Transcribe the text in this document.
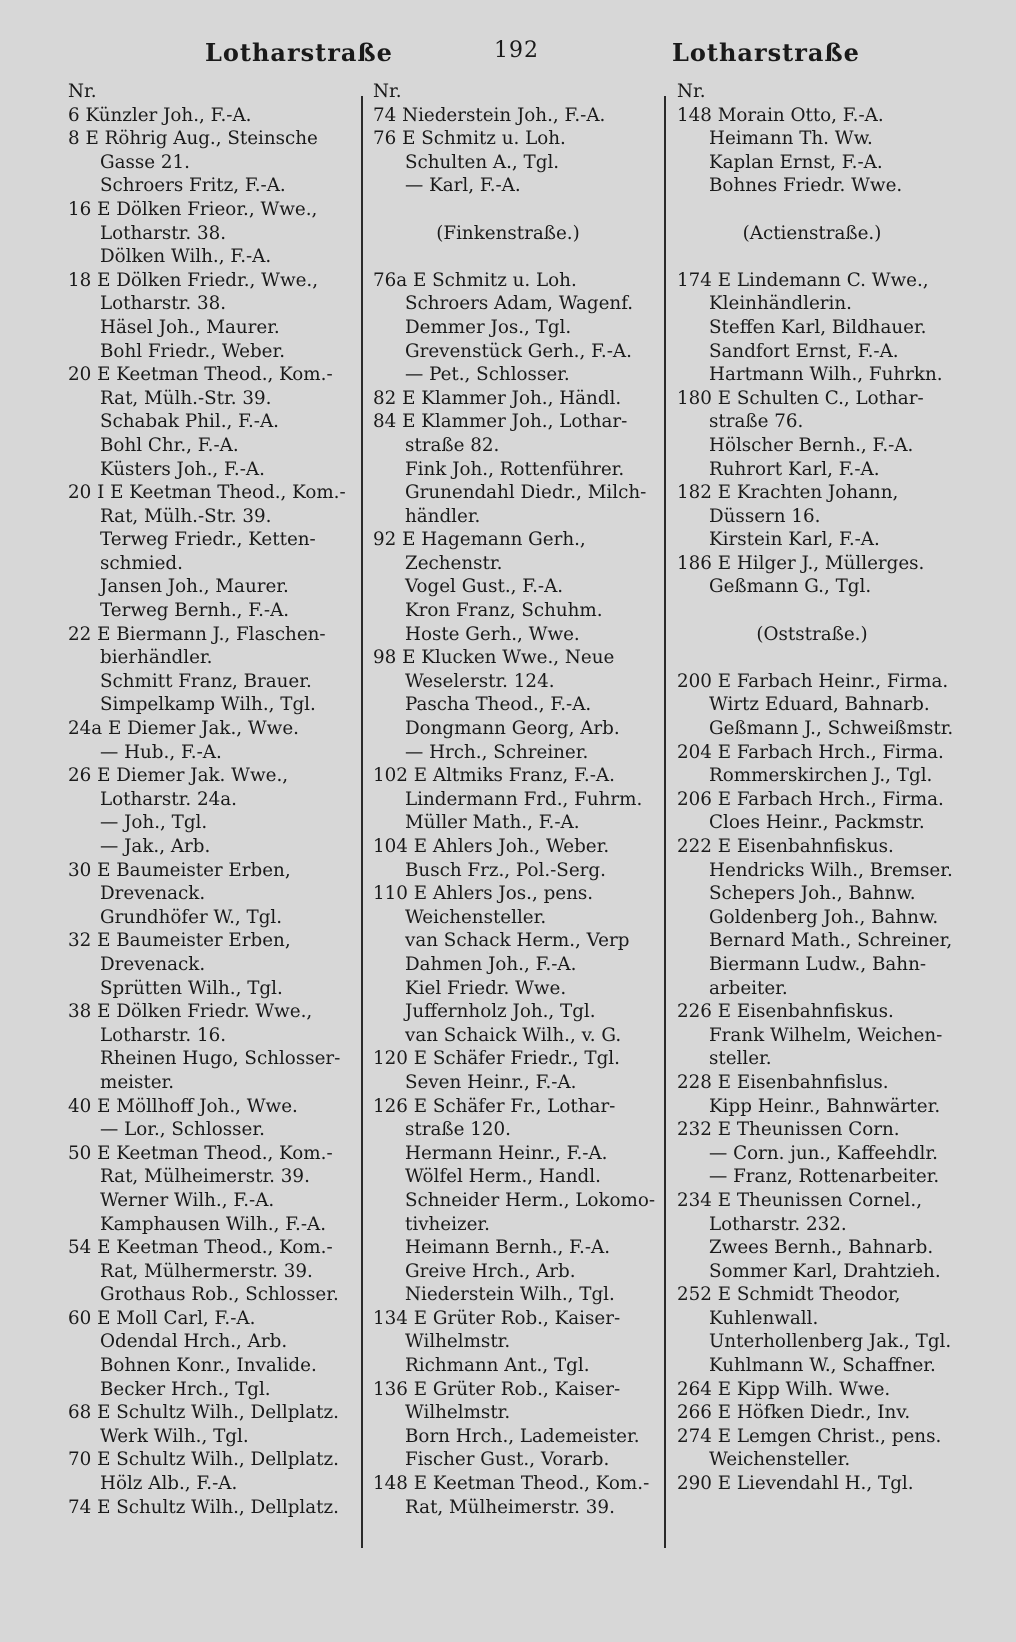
Lotharstraße	192	Lotharstraße
Nr.
6 Künzler Joh., F.-A.
8 E Röhrig Aug., Steinsche
Gasse 21.
Schroers Fritz, F.-A.
16 E Dölken Frieor., Wwe.,
Lotharstr. 38.
Dölken Wilh., F.-A.
18 E Dölken Friedr., Wwe.,
Lotharstr. 38.
Häsel Joh., Maurer.
Bohl Friedr., Weber.
20 E Keetman Theod., Kom.-
Rat, Mülh.-Str. 39.
Schabak Phil., F.-A.
Bohl Chr., F.-A.
Küsters Joh., F.-A.
20 I E Keetman Theod., Kom.-
Rat, Mülh.-Str. 39.
Terweg Friedr., Ketten-
schmied.
Jansen Joh., Maurer.
Terweg Bernh., F.-A.
22 E Biermann J., Flaschen-
bierhändler.
Schmitt Franz, Brauer.
Simpelkamp Wilh., Tgl.
24a E Diemer Jak., Wwe.
— Hub., F.-A.
26 E Diemer Jak. Wwe.,
Lotharstr. 24a.
— Joh., Tgl.
— Jak., Arb.
30 E Baumeister Erben,
Drevenack.
Grundhöfer W., Tgl.
32 E Baumeister Erben,
Drevenack.
Sprütten Wilh., Tgl.
38 E Dölken Friedr. Wwe.,
Lotharstr. 16.
Rheinen Hugo, Schlosser-
meister.
40 E Möllhoff Joh., Wwe.
— Lor., Schlosser.
50 E Keetman Theod., Kom.-
Rat, Mülheimerstr. 39.
Werner Wilh., F.-A.
Kamphausen Wilh., F.-A.
54 E Keetman Theod., Kom.-
Rat, Mülhermerstr. 39.
Grothaus Rob., Schlosser.
60 E Moll Carl, F.-A.
Odendal Hrch., Arb.
Bohnen Konr., Invalide.
Becker Hrch., Tgl.
68 E Schultz Wilh., Dellplatz.
Werk Wilh., Tgl.
70 E Schultz Wilh., Dellplatz.
Hölz Alb., F.-A.
74 E Schultz Wilh., Dellplatz.
Nr.
74 Niederstein Joh., F.-A.
76 E Schmitz u. Loh.
Schulten A., Tgl.
— Karl, F.-A.
(Finkenstraße.)
76a E Schmitz u. Loh.
Schroers Adam, Wagenf.
Demmer Jos., Tgl.
Grevenstück Gerh., F.-A.
— Pet., Schlosser.
82 E Klammer Joh., Händl.
84 E Klammer Joh., Lothar-
straße 82.
Fink Joh., Rottenführer.
Grunendahl Diedr., Milch-
händler.
92 E Hagemann Gerh.,
Zechenstr.
Vogel Gust., F.-A.
Kron Franz, Schuhm.
Hoste Gerh., Wwe.
98 E Klucken Wwe., Neue
Weselerstr. 124.
Pascha Theod., F.-A.
Dongmann Georg, Arb.
— Hrch., Schreiner.
102 E Altmiks Franz, F.-A.
Lindermann Frd., Fuhrm.
Müller Math., F.-A.
104 E Ahlers Joh., Weber.
Busch Frz., Pol.-Serg.
110 E Ahlers Jos., pens.
Weichensteller.
van Schack Herm., Verp
Dahmen Joh., F.-A.
Kiel Friedr. Wwe.
Juffernholz Joh., Tgl.
van Schaick Wilh., v. G.
120 E Schäfer Friedr., Tgl.
Seven Heinr., F.-A.
126 E Schäfer Fr., Lothar-
straße 120.
Hermann Heinr., F.-A.
Wölfel Herm., Handl.
Schneider Herm., Lokomo-
tivheizer.
Heimann Bernh., F.-A.
Greive Hrch., Arb.
Niederstein Wilh., Tgl.
134 E Grüter Rob., Kaiser-
Wilhelmstr.
Richmann Ant., Tgl.
136 E Grüter Rob., Kaiser-
Wilhelmstr.
Born Hrch., Lademeister.
Fischer Gust., Vorarb.
148 E Keetman Theod., Kom.-
Rat, Mülheimerstr. 39.
Nr.
148 Morain Otto, F.-A.
Heimann Th. Ww.
Kaplan Ernst, F.-A.
Bohnes Friedr. Wwe.
(Actienstraße.)
174 E Lindemann C. Wwe.,
Kleinhändlerin.
Steffen Karl, Bildhauer.
Sandfort Ernst, F.-A.
Hartmann Wilh., Fuhrkn.
180 E Schulten C., Lothar-
straße 76.
Hölscher Bernh., F.-A.
Ruhrort Karl, F.-A.
182 E Krachten Johann,
Düssern 16.
Kirstein Karl, F.-A.
186 E Hilger J., Müllerges.
Geßmann G., Tgl.
(Oststraße.)
200 E Farbach Heinr., Firma.
Wirtz Eduard, Bahnarb.
Geßmann J., Schweißmstr.
204 E Farbach Hrch., Firma.
Rommerskirchen J., Tgl.
206 E Farbach Hrch., Firma.
Cloes Heinr., Packmstr.
222 E Eisenbahnfiskus.
Hendricks Wilh., Bremser.
Schepers Joh., Bahnw.
Goldenberg Joh., Bahnw.
Bernard Math., Schreiner,
Biermann Ludw., Bahn-
arbeiter.
226 E Eisenbahnfiskus.
Frank Wilhelm, Weichen-
steller.
228 E Eisenbahnfislus.
Kipp Heinr., Bahnwärter.
232 E Theunissen Corn.
— Corn. jun., Kaffeehdlr.
— Franz, Rottenarbeiter.
234 E Theunissen Cornel.,
Lotharstr. 232.
Zwees Bernh., Bahnarb.
Sommer Karl, Drahtzieh.
252 E Schmidt Theodor,
Kuhlenwall.
Unterhollenberg Jak., Tgl.
Kuhlmann W., Schaffner.
264 E Kipp Wilh. Wwe.
266 E Höfken Diedr., Inv.
274 E Lemgen Christ., pens.
Weichensteller.
290 E Lievendahl H., Tgl.
